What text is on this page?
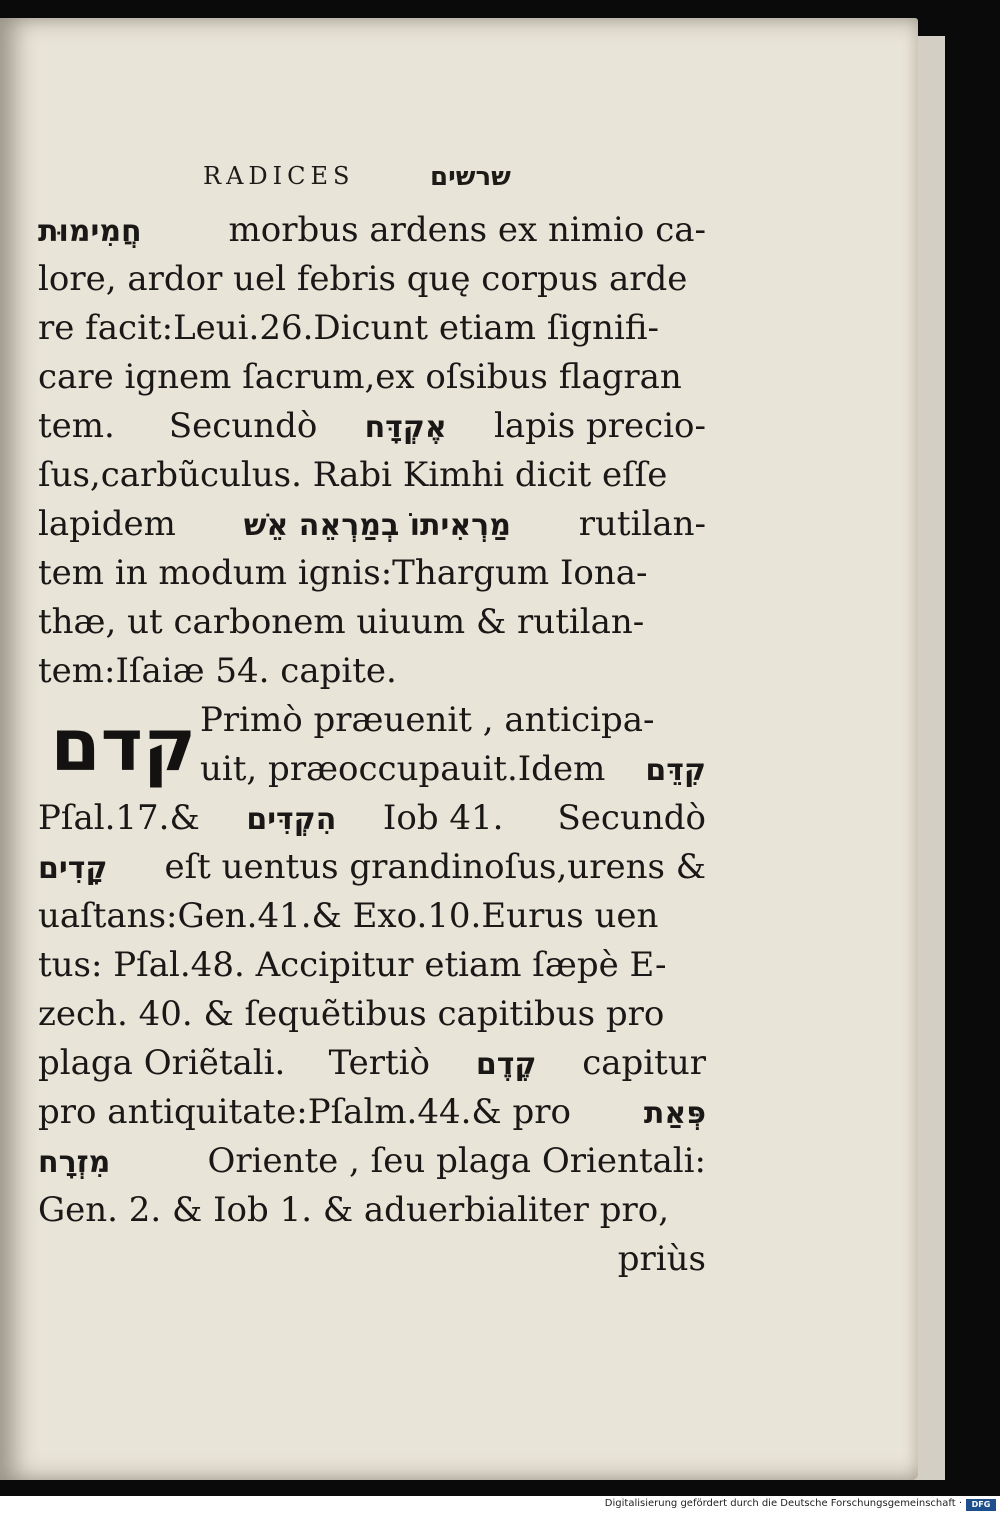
RADICES	שרשים
חֲמִימוּת morbus ardens ex nimio ca-
lore, ardor uel febris quę corpus arde
re facit:Leui.26.Dicunt etiam ſignifi-
care ignem ſacrum,ex oſsibus flagran
tem.     Secundò אֶקְדָּח lapis precio-
ſus,carbũculus. Rabi Kimhi dicit eſſe
lapidem מַרְאִיתוֹ בְמַרְאֵה אֵשׁ rutilan-
tem in modum ignis:Thargum Iona-
thæ, ut carbonem uiuum & rutilan-
tem:Iſaiæ 54. capite.
קדם Primò præuenit , anticipa-
uit, præoccupauit.Idem קִדֵּם
Pſal.17.& הִקְדִּים Iob 41.     Secundò
קָדִים eſt uentus grandinoſus,urens &
uaſtans:Gen.41.& Exo.10.Eurus uen
tus: Pſal.48. Accipitur etiam ſæpè E-
zech. 40. & ſequẽtibus capitibus pro
plaga Oriẽtali.    Tertiò קֶדֶם capitur
pro antiquitate:Pſalm.44.& pro פְּאַת
מִזְרָח	Oriente , ſeu plaga Orientali:
Gen. 2. & Iob 1. & aduerbialiter pro,
priùs
Digitalisierung gefördert durch die Deutsche Forschungsgemeinschaft ·	DFG
